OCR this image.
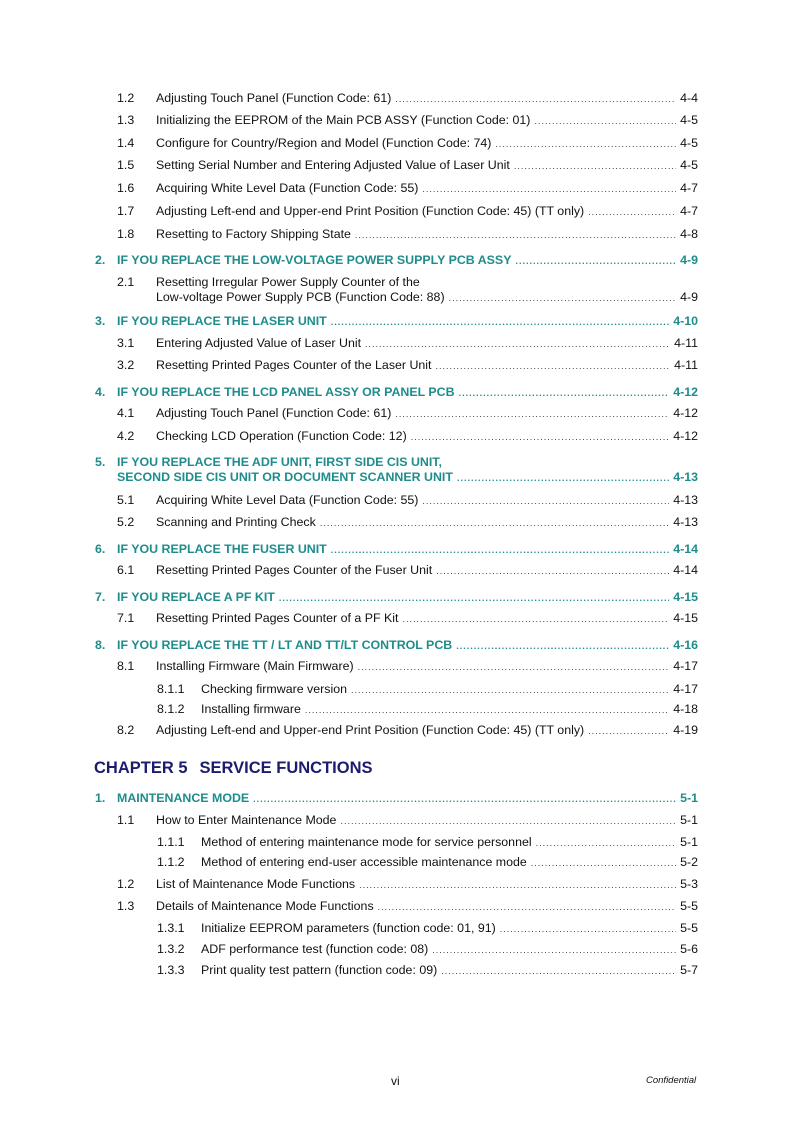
1.2 Adjusting Touch Panel (Function Code: 61) .....	4-4
1.3 Initializing the EEPROM of the Main PCB ASSY (Function Code: 01) .....	4-5
1.4 Configure for Country/Region and Model (Function Code: 74) .....	4-5
1.5 Setting Serial Number and Entering Adjusted Value of Laser Unit .....	4-5
1.6 Acquiring White Level Data (Function Code: 55) .....	4-7
1.7 Adjusting Left-end and Upper-end Print Position (Function Code: 45) (TT only) .....	4-7
1.8 Resetting to Factory Shipping State .....	4-8
2. IF YOU REPLACE THE LOW-VOLTAGE POWER SUPPLY PCB ASSY .....	4-9
2.1 Resetting Irregular Power Supply Counter of the
Low-voltage Power Supply PCB (Function Code: 88) .....	4-9
3. IF YOU REPLACE THE LASER UNIT .....	4-10
3.1 Entering Adjusted Value of Laser Unit .....	4-11
3.2 Resetting Printed Pages Counter of the Laser Unit .....	4-11
4. IF YOU REPLACE THE LCD PANEL ASSY OR PANEL PCB .....	4-12
4.1 Adjusting Touch Panel (Function Code: 61) .....	4-12
4.2 Checking LCD Operation (Function Code: 12) .....	4-12
5. IF YOU REPLACE THE ADF UNIT, FIRST SIDE CIS UNIT,
SECOND SIDE CIS UNIT OR DOCUMENT SCANNER UNIT .....	4-13
5.1 Acquiring White Level Data (Function Code: 55) .....	4-13
5.2 Scanning and Printing Check .....	4-13
6. IF YOU REPLACE THE FUSER UNIT .....	4-14
6.1 Resetting Printed Pages Counter of the Fuser Unit .....	4-14
7. IF YOU REPLACE A PF KIT .....	4-15
7.1 Resetting Printed Pages Counter of a PF Kit .....	4-15
8. IF YOU REPLACE THE TT / LT AND TT/LT CONTROL PCB .....	4-16
8.1 Installing Firmware (Main Firmware) .....	4-17
8.1.1 Checking firmware version .....	4-17
8.1.2 Installing firmware .....	4-18
8.2 Adjusting Left-end and Upper-end Print Position (Function Code: 45) (TT only) .....	4-19
1. MAINTENANCE MODE .....	5-1
1.1 How to Enter Maintenance Mode .....	5-1
1.1.1 Method of entering maintenance mode for service personnel .....	5-1
1.1.2 Method of entering end-user accessible maintenance mode .....	5-2
1.2 List of Maintenance Mode Functions .....	5-3
1.3 Details of Maintenance Mode Functions .....	5-5
1.3.1 Initialize EEPROM parameters (function code: 01, 91) .....	5-5
1.3.2 ADF performance test (function code: 08) .....	5-6
1.3.3 Print quality test pattern (function code: 09) .....	5-7
CHAPTER 5 SERVICE FUNCTIONS
vi	Confidential
